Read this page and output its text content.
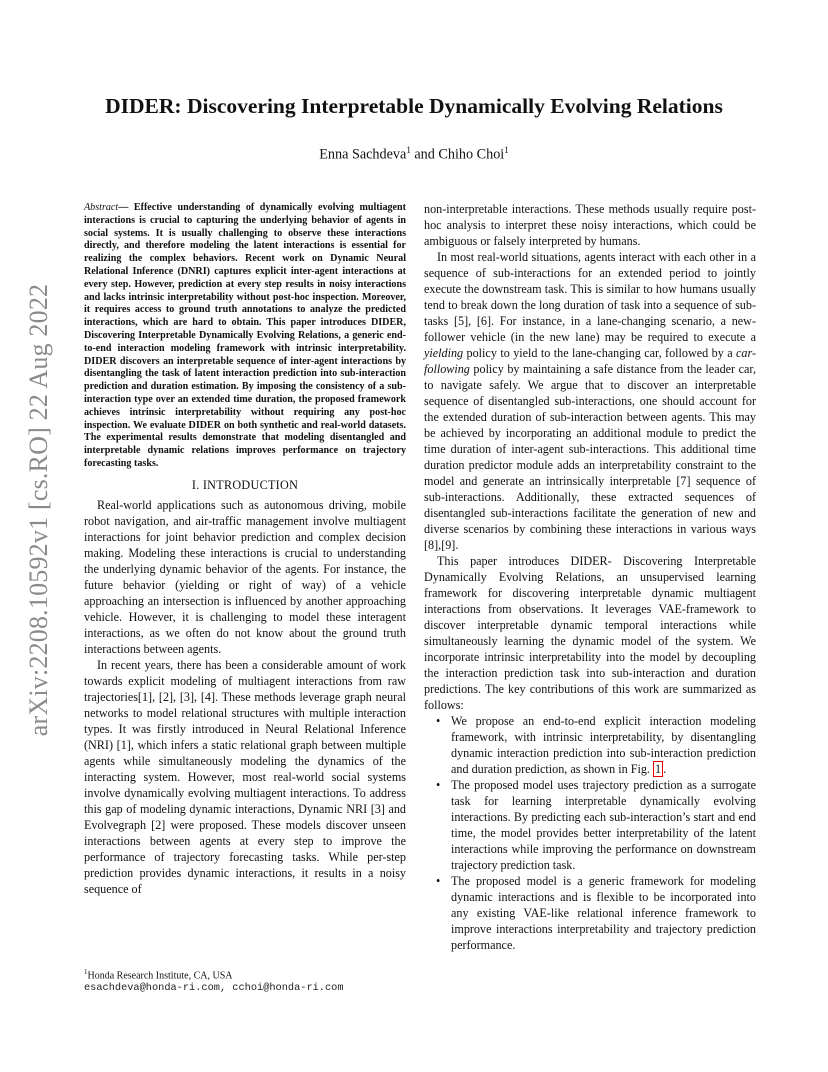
arXiv:2208.10592v1 [cs.RO] 22 Aug 2022
DIDER: Discovering Interpretable Dynamically Evolving Relations
Enna Sachdeva$^1$ and Chiho Choi$^1$

Abstract— Effective understanding of dynamically evolving multiagent interactions is crucial to capturing the underlying behavior of agents in social systems. It is usually challenging to observe these interactions directly, and therefore modeling the latent interactions is essential for realizing the complex behaviors. Recent work on Dynamic Neural Relational Inference (DNRI) captures explicit inter-agent interactions at every step. However, prediction at every step results in noisy interactions and lacks intrinsic interpretability without post-hoc inspection. Moreover, it requires access to ground truth annotations to analyze the predicted interactions, which are hard to obtain. This paper introduces DIDER, Discovering Interpretable Dynamically Evolving Relations, a generic end-to-end interaction modeling framework with intrinsic interpretability. DIDER discovers an interpretable sequence of inter-agent interactions by disentangling the task of latent interaction prediction into sub-interaction prediction and duration estimation. By imposing the consistency of a sub-interaction type over an extended time duration, the proposed framework achieves intrinsic interpretability without requiring any post-hoc inspection. We evaluate DIDER on both synthetic and real-world datasets. The experimental results demonstrate that modeling disentangled and interpretable dynamic relations improves performance on trajectory forecasting tasks.

I. INTRODUCTION

Real-world applications such as autonomous driving, mobile robot navigation, and air-traffic management involve multiagent interactions for joint behavior prediction and complex decision making. Modeling these interactions is crucial to understanding the underlying dynamic behavior of the agents. For instance, the future behavior (yielding or right of way) of a vehicle approaching an intersection is influenced by another approaching vehicle. However, it is challenging to model these interagent interactions, as we often do not know about the ground truth interactions between agents.

In recent years, there has been a considerable amount of work towards explicit modeling of multiagent interactions from raw trajectories[1], [2], [3], [4]. These methods leverage graph neural networks to model relational structures with multiple interaction types. It was firstly introduced in Neural Relational Inference (NRI) [1], which infers a static relational graph between multiple agents while simultaneously modeling the dynamics of the interacting system. However, most real-world social systems involve dynamically evolving multiagent interactions. To address this gap of modeling dynamic interactions, Dynamic NRI [3] and Evolvegraph [2] were proposed. These models discover unseen interactions between agents at every step to improve the performance of trajectory forecasting tasks. While per-step prediction provides dynamic interactions, it results in a noisy sequence of

non-interpretable interactions. These methods usually require post-hoc analysis to interpret these noisy interactions, which could be ambiguous or falsely interpreted by humans.

In most real-world situations, agents interact with each other in a sequence of sub-interactions for an extended period to jointly execute the downstream task. This is similar to how humans usually tend to break down the long duration of task into a sequence of sub-tasks [5], [6]. For instance, in a lane-changing scenario, a new-follower vehicle (in the new lane) may be required to execute a yielding policy to yield to the lane-changing car, followed by a car-following policy by maintaining a safe distance from the leader car, to navigate safely. We argue that to discover an interpretable sequence of disentangled sub-interactions, one should account for the extended duration of sub-interaction between agents. This may be achieved by incorporating an additional module to predict the time duration of inter-agent sub-interactions. This additional time duration predictor module adds an interpretability constraint to the model and generate an intrinsically interpretable [7] sequence of sub-interactions. Additionally, these extracted sequences of disentangled sub-interactions facilitate the generation of new and diverse scenarios by combining these interactions in various ways [8],[9].

This paper introduces DIDER- Discovering Interpretable Dynamically Evolving Relations, an unsupervised learning framework for discovering interpretable dynamic multiagent interactions from observations. It leverages VAE-framework to discover interpretable dynamic temporal interactions while simultaneously learning the dynamic model of the system. We incorporate intrinsic interpretability into the model by decoupling the interaction prediction task into sub-interaction and duration predictions. The key contributions of this work are summarized as follows:

• We propose an end-to-end explicit interaction modeling framework, with intrinsic interpretability, by disentangling dynamic interaction prediction into sub-interaction prediction and duration prediction, as shown in Fig. 1 .
• The proposed model uses trajectory prediction as a surrogate task for learning interpretable dynamically evolving interactions. By predicting each sub-interaction’s start and end time, the model provides better interpretability of the latent interactions while improving the performance on downstream trajectory prediction task.
• The proposed model is a generic framework for modeling dynamic interactions and is flexible to be incorporated into any existing VAE-like relational inference framework to improve interactions interpretability and trajectory prediction performance.
$^1$Honda Research Institute, CA, USA
esachdeva@honda-ri.com, cchoi@honda-ri.com
